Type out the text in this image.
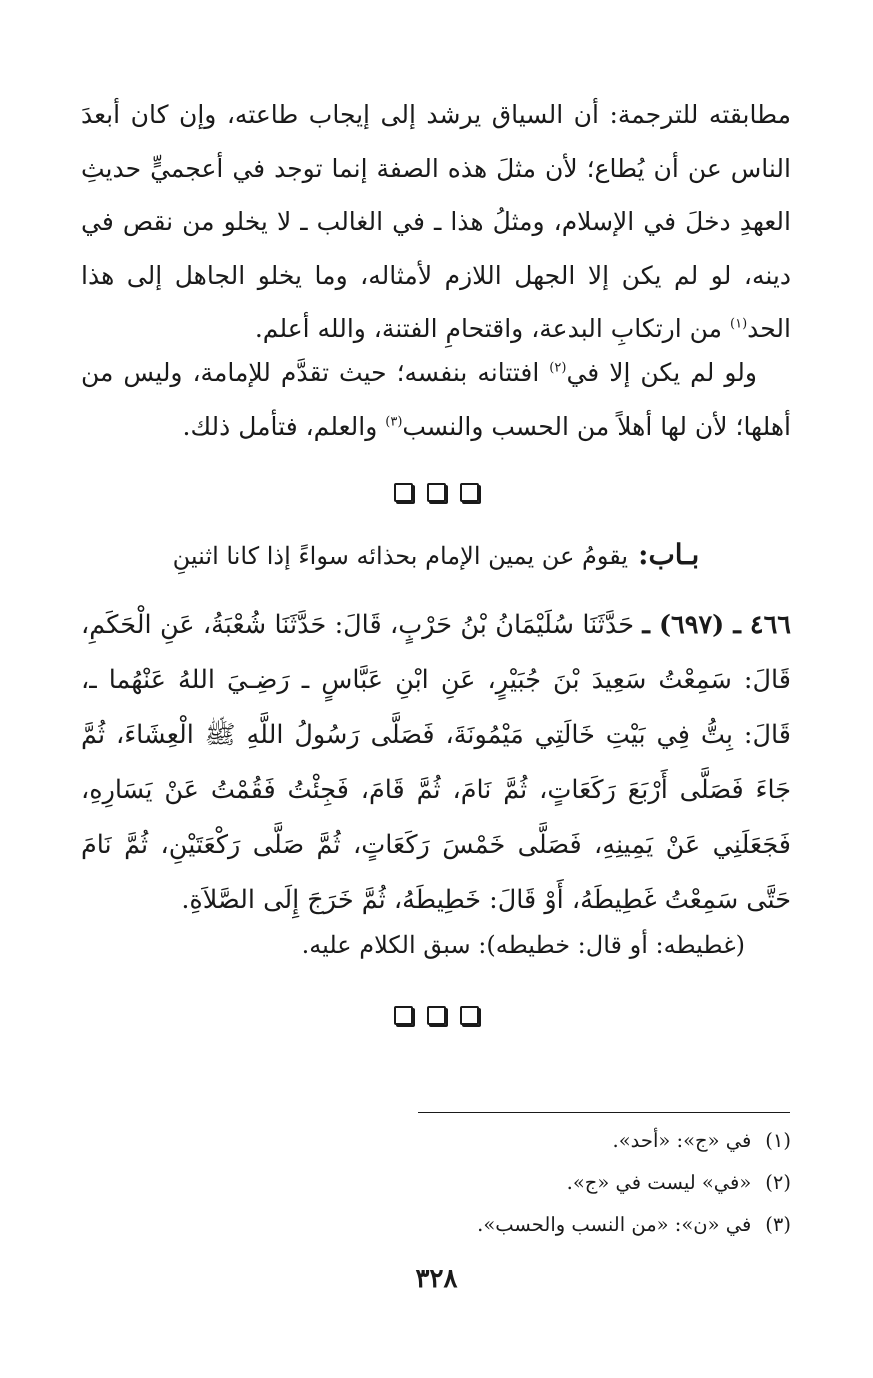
مطابقته للترجمة: أن السياق يرشد إلى إيجاب طاعته، وإن كان أبعدَ الناس عن أن يُطاع؛ لأن مثلَ هذه الصفة إنما توجد في أعجميٍّ حديثِ العهدِ دخلَ في الإسلام، ومثلُ هذا ـ في الغالب ـ لا يخلو من نقص في دينه، لو لم يكن إلا الجهل اللازم لأمثاله، وما يخلو الجاهل إلى هذا الحد$^{(١)}$ من ارتكابِ البدعة، واقتحامِ الفتنة، والله أعلم.

ولو لم يكن إلا في$^{(٢)}$ افتتانه بنفسه؛ حيث تقدَّم للإمامة، وليس من أهلها؛ لأن لها أهلاً من الحسب والنسب$^{(٣)}$ والعلم، فتأمل ذلك.

بـاب:يقومُ عن يمين الإمام بحذائه سواءً إذا كانا اثنينِ

٤٦٦ ـ (٦٩٧) ـ حَدَّثَنَا سُلَيْمَانُ بْنُ حَرْبٍ، قَالَ: حَدَّثَنَا شُعْبَةُ، عَنِ الْحَكَمِ، قَالَ: سَمِعْتُ سَعِيدَ بْنَ جُبَيْرٍ، عَنِ ابْنِ عَبَّاسٍ ـ رَضِـيَ اللهُ عَنْهُما ـ، قَالَ: بِتُّ فِي بَيْتِ خَالَتِي مَيْمُونَةَ، فَصَلَّى رَسُولُ اللَّهِ ﷺ الْعِشَاءَ، ثُمَّ جَاءَ فَصَلَّى أَرْبَعَ رَكَعَاتٍ، ثُمَّ نَامَ، ثُمَّ قَامَ، فَجِئْتُ فَقُمْتُ عَنْ يَسَارِهِ، فَجَعَلَنِي عَنْ يَمِينِهِ، فَصَلَّى خَمْسَ رَكَعَاتٍ، ثُمَّ صَلَّى رَكْعَتَيْنِ، ثُمَّ نَامَ حَتَّى سَمِعْتُ غَطِيطَهُ، أَوْ قَالَ: خَطِيطَهُ، ثُمَّ خَرَجَ إِلَى الصَّلاَةِ.

(غطيطه: أو قال: خطيطه): سبق الكلام عليه.

(١)في «ج»: «أحد».

(٢)«في» ليست في «ج».

(٣)في «ن»: «من النسب والحسب».

٣٢٨
